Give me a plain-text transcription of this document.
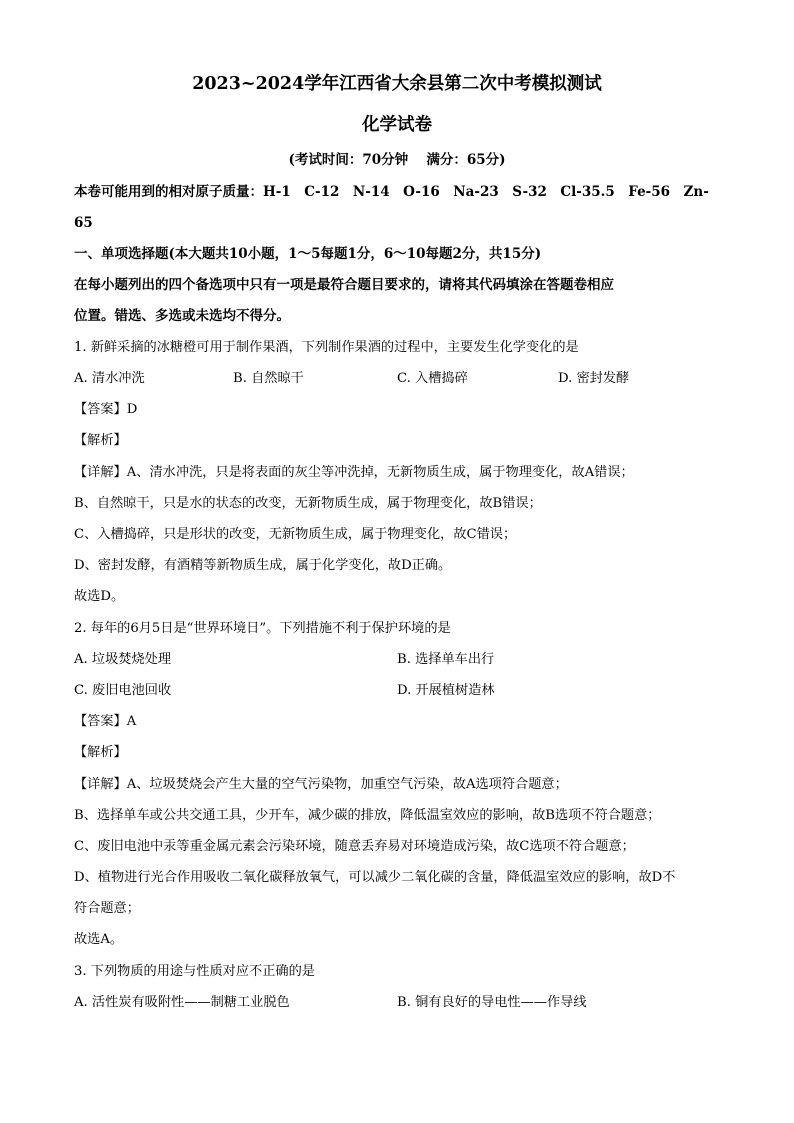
2023~2024学年江西省大余县第二次中考模拟测试
化学试卷
(考试时间：70分钟　 满分：65分)
本卷可能用到的相对原子质量：H-1　C-12　N-14　O-16　Na-23　S-32　Cl-35.5　Fe-56　Zn-
65
一、单项选择题(本大题共10小题，1～5每题1分，6～10每题2分，共15分)
在每小题列出的四个备选项中只有一项是最符合题目要求的，请将其代码填涂在答题卷相应
位置。错选、多选或未选均不得分。
1. 新鲜采摘的冰糖橙可用于制作果酒，下列制作果酒的过程中，主要发生化学变化的是
A. 清水冲洗	B. 自然晾干	C. 入槽捣碎	D. 密封发酵
【答案】D
【解析】
【详解】A、清水冲洗，只是将表面的灰尘等冲洗掉，无新物质生成，属于物理变化，故A错误；
B、自然晾干，只是水的状态的改变，无新物质生成，属于物理变化，故B错误；
C、入槽捣碎，只是形状的改变，无新物质生成，属于物理变化，故C错误；
D、密封发酵，有酒精等新物质生成，属于化学变化，故D正确。
故选D。
2. 每年的6月5日是“世界环境日”。下列措施不利于保护环境的是
A. 垃圾焚烧处理	B. 选择单车出行
C. 废旧电池回收	D. 开展植树造林
【答案】A
【解析】
【详解】A、垃圾焚烧会产生大量的空气污染物，加重空气污染，故A选项符合题意；
B、选择单车或公共交通工具，少开车，减少碳的排放，降低温室效应的影响，故B选项不符合题意；
C、废旧电池中汞等重金属元素会污染环境，随意丢弃易对环境造成污染，故C选项不符合题意；
D、植物进行光合作用吸收二氧化碳释放氧气，可以减少二氧化碳的含量，降低温室效应的影响，故D不
符合题意；
故选A。
3. 下列物质的用途与性质对应不正确的是
A. 活性炭有吸附性——制糖工业脱色	B. 铜有良好的导电性——作导线
